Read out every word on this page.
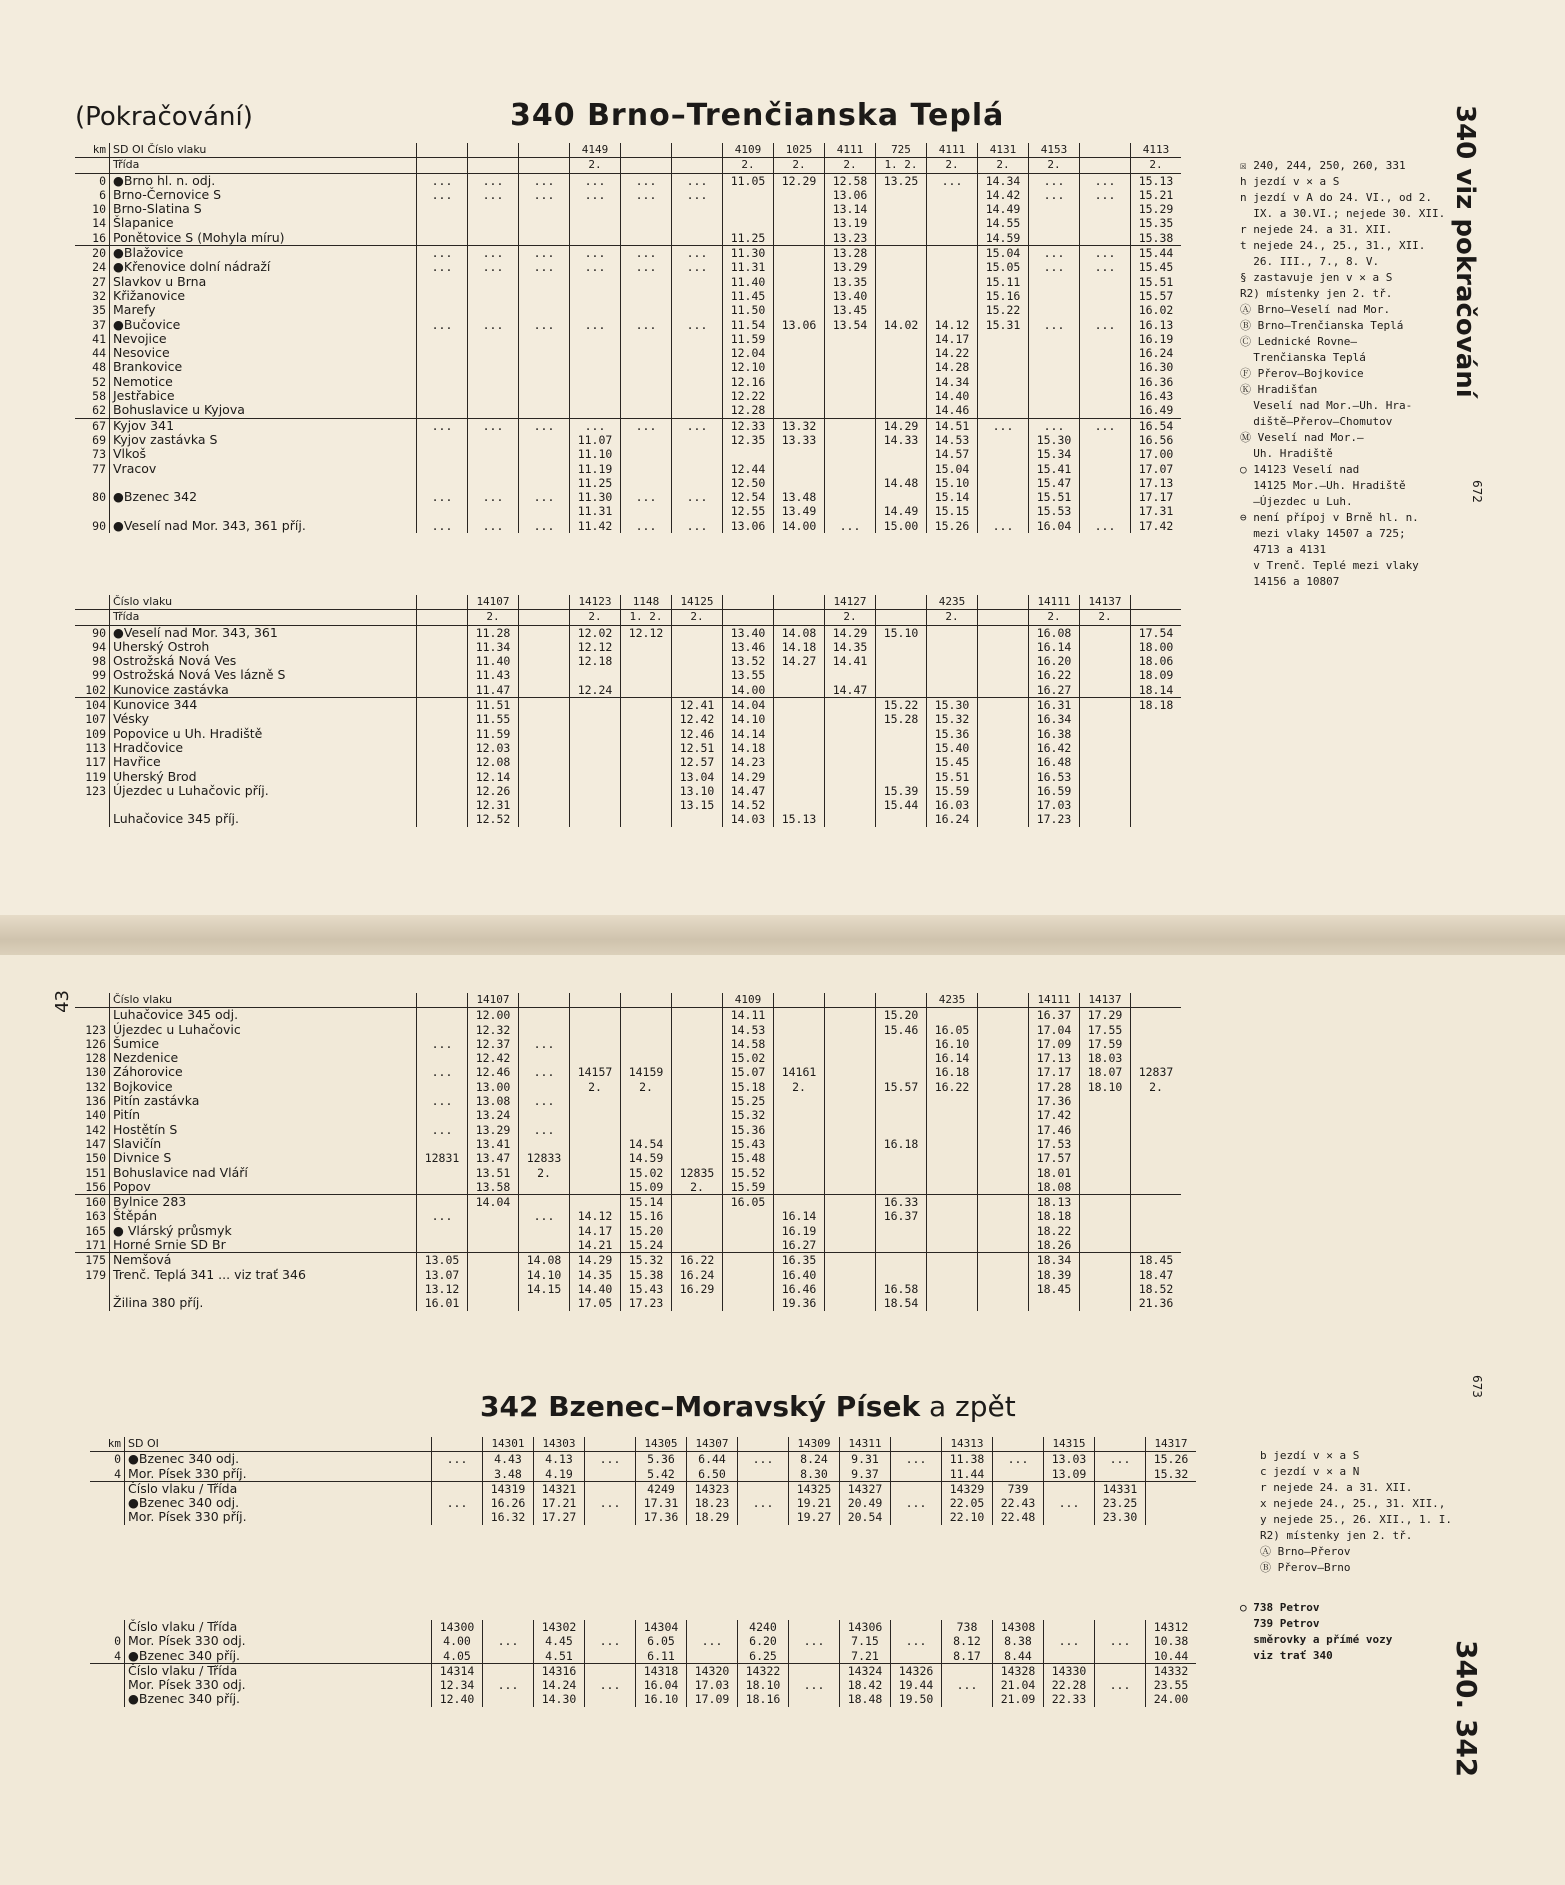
(Pokračování)	340 Brno–Trenčianska Teplá	340 viz pokračování
672
673
43
340. 342
km	SD OI Číslo vlaku				4149			4109	1025	4111	725	4111	4131	4153		4113
	Třída				2.			2.	2.	2.	1. 2.	2.	2.	2.		2.
0	●Brno hl. n. odj.	...	...	...	...	...	...	11.05	12.29	12.58	13.25	...	14.34	...	...	15.13
6	Brno-Černovice S	...	...	...	...	...	...			13.06			14.42	...	...	15.21
10	Brno-Slatina S									13.14			14.49			15.29
14	Šlapanice									13.19			14.55			15.35
16	Ponětovice S (Mohyla míru)							11.25		13.23			14.59			15.38
20	●Blažovice	...	...	...	...	...	...	11.30		13.28			15.04	...	...	15.44
24	●Křenovice dolní nádraží	...	...	...	...	...	...	11.31		13.29			15.05	...	...	15.45
27	Slavkov u Brna							11.40		13.35			15.11			15.51
32	Křižanovice							11.45		13.40			15.16			15.57
35	Marefy							11.50		13.45			15.22			16.02
37	●Bučovice	...	...	...	...	...	...	11.54	13.06	13.54	14.02	14.12	15.31	...	...	16.13
41	Nevojice							11.59				14.17				16.19
44	Nesovice							12.04				14.22				16.24
48	Brankovice							12.10				14.28				16.30
52	Nemotice							12.16				14.34				16.36
58	Jestřabice							12.22				14.40				16.43
62	Bohuslavice u Kyjova							12.28				14.46				16.49
67	Kyjov 341	...	...	...	...	...	...	12.33	13.32		14.29	14.51	...	...	...	16.54
69	Kyjov zastávka S				11.07			12.35	13.33		14.33	14.53		15.30		16.56
73	Vlkoš				11.10							14.57		15.34		17.00
77	Vracov				11.19			12.44				15.04		15.41		17.07
					11.25			12.50			14.48	15.10		15.47		17.13
80	●Bzenec 342	...	...	...	11.30	...	...	12.54	13.48			15.14		15.51		17.17
					11.31			12.55	13.49		14.49	15.15		15.53		17.31
90	●Veselí nad Mor. 343, 361 příj.	...	...	...	11.42	...	...	13.06	14.00	...	15.00	15.26	...	16.04	...	17.42
	Číslo vlaku		14107		14123	1148	14125			14127		4235		14111	14137	
	Třída		2.		2.	1. 2.	2.			2.		2.		2.	2.	
90	●Veselí nad Mor. 343, 361		11.28		12.02	12.12		13.40	14.08	14.29	15.10			16.08		17.54
94	Uherský Ostroh		11.34		12.12			13.46	14.18	14.35				16.14		18.00
98	Ostrožská Nová Ves		11.40		12.18			13.52	14.27	14.41				16.20		18.06
99	Ostrožská Nová Ves lázně S		11.43					13.55						16.22		18.09
102	Kunovice zastávka		11.47		12.24			14.00		14.47				16.27		18.14
104	Kunovice 344		11.51				12.41	14.04			15.22	15.30		16.31		18.18
107	Vésky		11.55				12.42	14.10			15.28	15.32		16.34		
109	Popovice u Uh. Hradiště		11.59				12.46	14.14				15.36		16.38		
113	Hradčovice		12.03				12.51	14.18				15.40		16.42		
117	Havřice		12.08				12.57	14.23				15.45		16.48		
119	Uherský Brod		12.14				13.04	14.29				15.51		16.53		
123	Újezdec u Luhačovic příj.		12.26				13.10	14.47			15.39	15.59		16.59		
			12.31				13.15	14.52			15.44	16.03		17.03		
	Luhačovice 345 příj.		12.52					14.03	15.13			16.24		17.23		
☒ 240, 244, 250, 260, 331
h jezdí v ✕ a S
n jezdí v A do 24. VI., od 2.
IX. a 30.VI.; nejede 30. XII.
r nejede 24. a 31. XII.
t nejede 24., 25., 31., XII.
26. III., 7., 8. V.
§ zastavuje jen v ✕ a S
R2) místenky jen 2. tř.
Ⓐ Brno–Veselí nad Mor.
Ⓑ Brno–Trenčianska Teplá
Ⓒ Lednické Rovne–
Trenčianska Teplá
Ⓕ Přerov–Bojkovice
Ⓚ Hradišťan
Veselí nad Mor.–Uh. Hra-
diště–Přerov–Chomutov
Ⓜ Veselí nad Mor.–
Uh. Hradiště
○ 14123 Veselí nad
14125 Mor.–Uh. Hradiště
–Újezdec u Luh.
⊖ není přípoj v Brně hl. n.
mezi vlaky 14507 a 725;
4713 a 4131
v Trenč. Teplé mezi vlaky
14156 a 10807
	Číslo vlaku		14107					4109				4235		14111	14137	
	Luhačovice 345 odj.		12.00					14.11			15.20			16.37	17.29	
123	Újezdec u Luhačovic		12.32					14.53			15.46	16.05		17.04	17.55	
126	Šumice	...	12.37	...				14.58				16.10		17.09	17.59	
128	Nezdenice		12.42					15.02				16.14		17.13	18.03	
130	Záhorovice	...	12.46	...	14157	14159		15.07	14161			16.18		17.17	18.07	12837
132	Bojkovice		13.00		2.	2.		15.18	2.		15.57	16.22		17.28	18.10	2.
136	Pitín zastávka	...	13.08	...				15.25						17.36		
140	Pitín		13.24					15.32						17.42		
142	Hostětín S	...	13.29	...				15.36						17.46		
147	Slavičín		13.41			14.54		15.43			16.18			17.53		
150	Divnice S	12831	13.47	12833		14.59		15.48						17.57		
151	Bohuslavice nad Vláří		13.51	2.		15.02	12835	15.52						18.01		
156	Popov		13.58			15.09	2.	15.59						18.08		
160	Bylnice 283		14.04			15.14		16.05			16.33			18.13		
163	Štěpán	...		...	14.12	15.16			16.14		16.37			18.18		
165	● Vlárský průsmyk				14.17	15.20			16.19					18.22		
171	Horné Srnie SD Br				14.21	15.24			16.27					18.26		
175	Nemšová	13.05		14.08	14.29	15.32	16.22		16.35					18.34		18.45
179	Trenč. Teplá 341 ... viz trať 346	13.07		14.10	14.35	15.38	16.24		16.40					18.39		18.47
		13.12		14.15	14.40	15.43	16.29		16.46		16.58			18.45		18.52
	Žilina 380 příj.	16.01			17.05	17.23			19.36		18.54					21.36
342 Bzenec–Moravský Písek a zpět
km	SD OI		14301	14303		14305	14307		14309	14311		14313		14315		14317
0	●Bzenec 340 odj.	...	4.43	4.13	...	5.36	6.44	...	8.24	9.31	...	11.38	...	13.03	...	15.26
4	Mor. Písek 330 příj.		3.48	4.19		5.42	6.50		8.30	9.37		11.44		13.09		15.32
	Číslo vlaku / Třída		14319	14321		4249	14323		14325	14327		14329	739		14331	
	●Bzenec 340 odj.	...	16.26	17.21	...	17.31	18.23	...	19.21	20.49	...	22.05	22.43	...	23.25	
	Mor. Písek 330 příj.		16.32	17.27		17.36	18.29		19.27	20.54		22.10	22.48		23.30	
	Číslo vlaku / Třída	14300		14302		14304		4240		14306		738	14308			14312
0	Mor. Písek 330 odj.	4.00	...	4.45	...	6.05	...	6.20	...	7.15	...	8.12	8.38	...	...	10.38
4	●Bzenec 340 příj.	4.05		4.51		6.11		6.25		7.21		8.17	8.44			10.44
	Číslo vlaku / Třída	14314		14316		14318	14320	14322		14324	14326		14328	14330		14332
	Mor. Písek 330 odj.	12.34	...	14.24	...	16.04	17.03	18.10	...	18.42	19.44	...	21.04	22.28	...	23.55
	●Bzenec 340 příj.	12.40		14.30		16.10	17.09	18.16		18.48	19.50		21.09	22.33		24.00
b jezdí v ✕ a S
c jezdí v ✕ a N
r nejede 24. a 31. XII.
x nejede 24., 25., 31. XII.,
y nejede 25., 26. XII., 1. I.
R2) místenky jen 2. tř.
Ⓐ Brno–Přerov
Ⓑ Přerov–Brno
○ 738 Petrov
739 Petrov
směrovky a přímé vozy
viz trať 340
